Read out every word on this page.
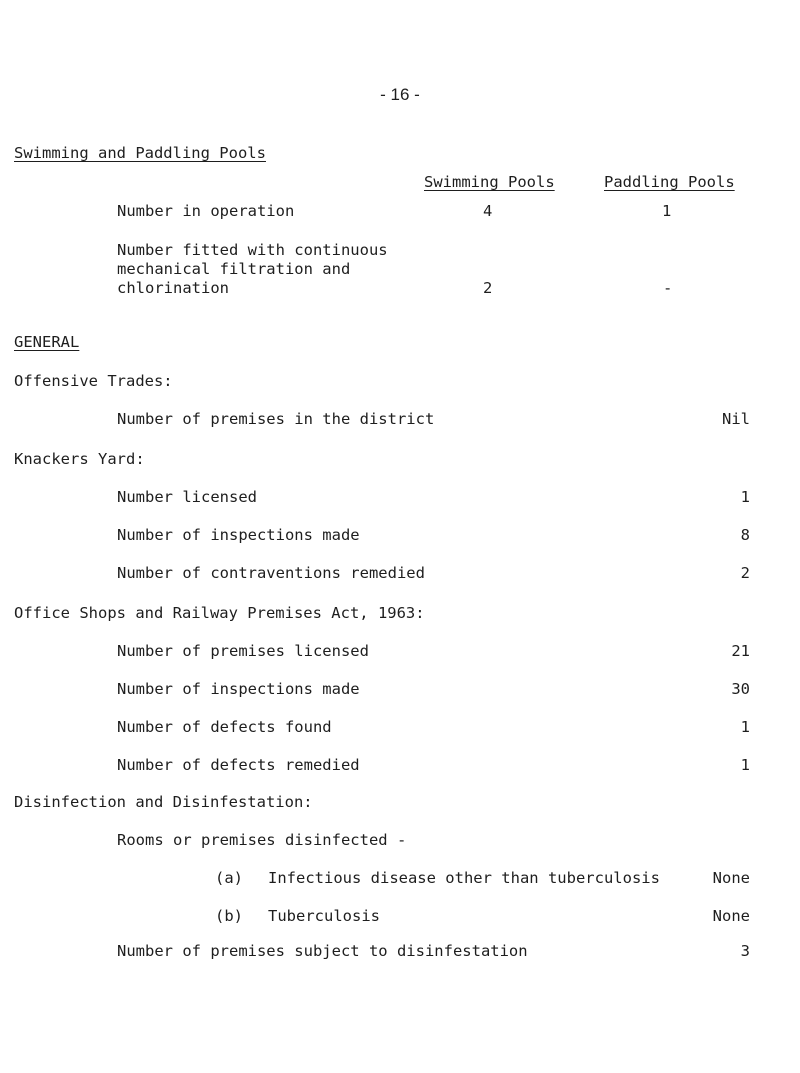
- 16 -
Swimming and Paddling Pools
Swimming Pools	Paddling Pools
Number in operation	4	1
Number fitted with continuous
mechanical filtration and
chlorination	2	-
GENERAL
Offensive Trades:
Number of premises in the district	Nil
Knackers Yard:
Number licensed	1
Number of inspections made	8
Number of contraventions remedied	2
Office Shops and Railway Premises Act, 1963:
Number of premises licensed	21
Number of inspections made	30
Number of defects found	1
Number of defects remedied	1
Disinfection and Disinfestation:
Rooms or premises disinfected -
(a) Infectious disease other than tuberculosis	None
(b) Tuberculosis	None
Number of premises subject to disinfestation	3
